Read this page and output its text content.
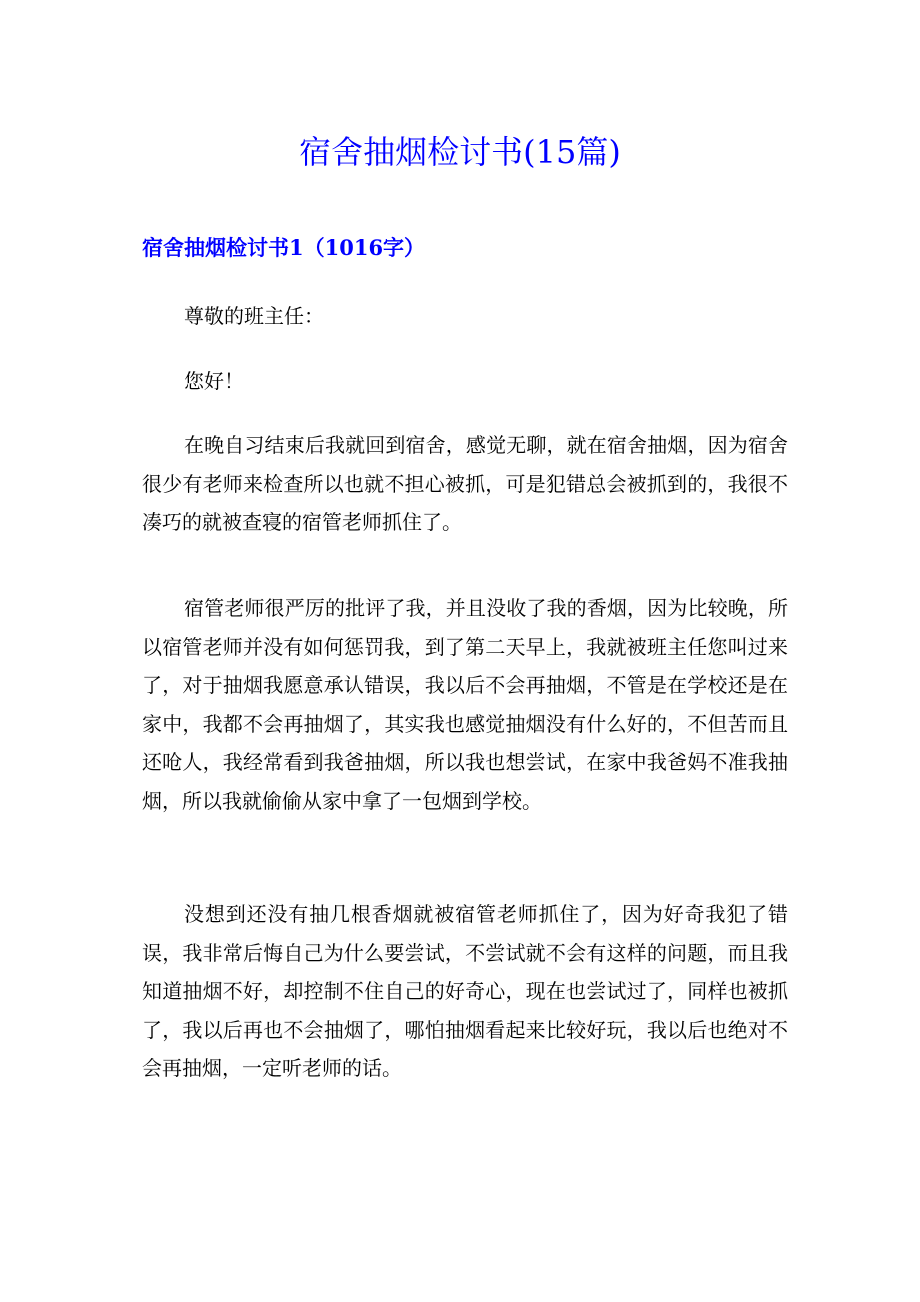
宿舍抽烟检讨书(15篇)
宿舍抽烟检讨书1（1016字）

尊敬的班主任：

您好！

在晚自习结束后我就回到宿舍，感觉无聊，就在宿舍抽烟，因为宿舍很少有老师来检查所以也就不担心被抓，可是犯错总会被抓到的，我很不凑巧的就被查寝的宿管老师抓住了。

宿管老师很严厉的批评了我，并且没收了我的香烟，因为比较晚，所以宿管老师并没有如何惩罚我，到了第二天早上，我就被班主任您叫过来了，对于抽烟我愿意承认错误，我以后不会再抽烟，不管是在学校还是在家中，我都不会再抽烟了，其实我也感觉抽烟没有什么好的，不但苦而且还呛人，我经常看到我爸抽烟，所以我也想尝试，在家中我爸妈不准我抽烟，所以我就偷偷从家中拿了一包烟到学校。

没想到还没有抽几根香烟就被宿管老师抓住了，因为好奇我犯了错误，我非常后悔自己为什么要尝试，不尝试就不会有这样的问题，而且我知道抽烟不好，却控制不住自己的好奇心，现在也尝试过了，同样也被抓了，我以后再也不会抽烟了，哪怕抽烟看起来比较好玩，我以后也绝对不会再抽烟，一定听老师的话。
